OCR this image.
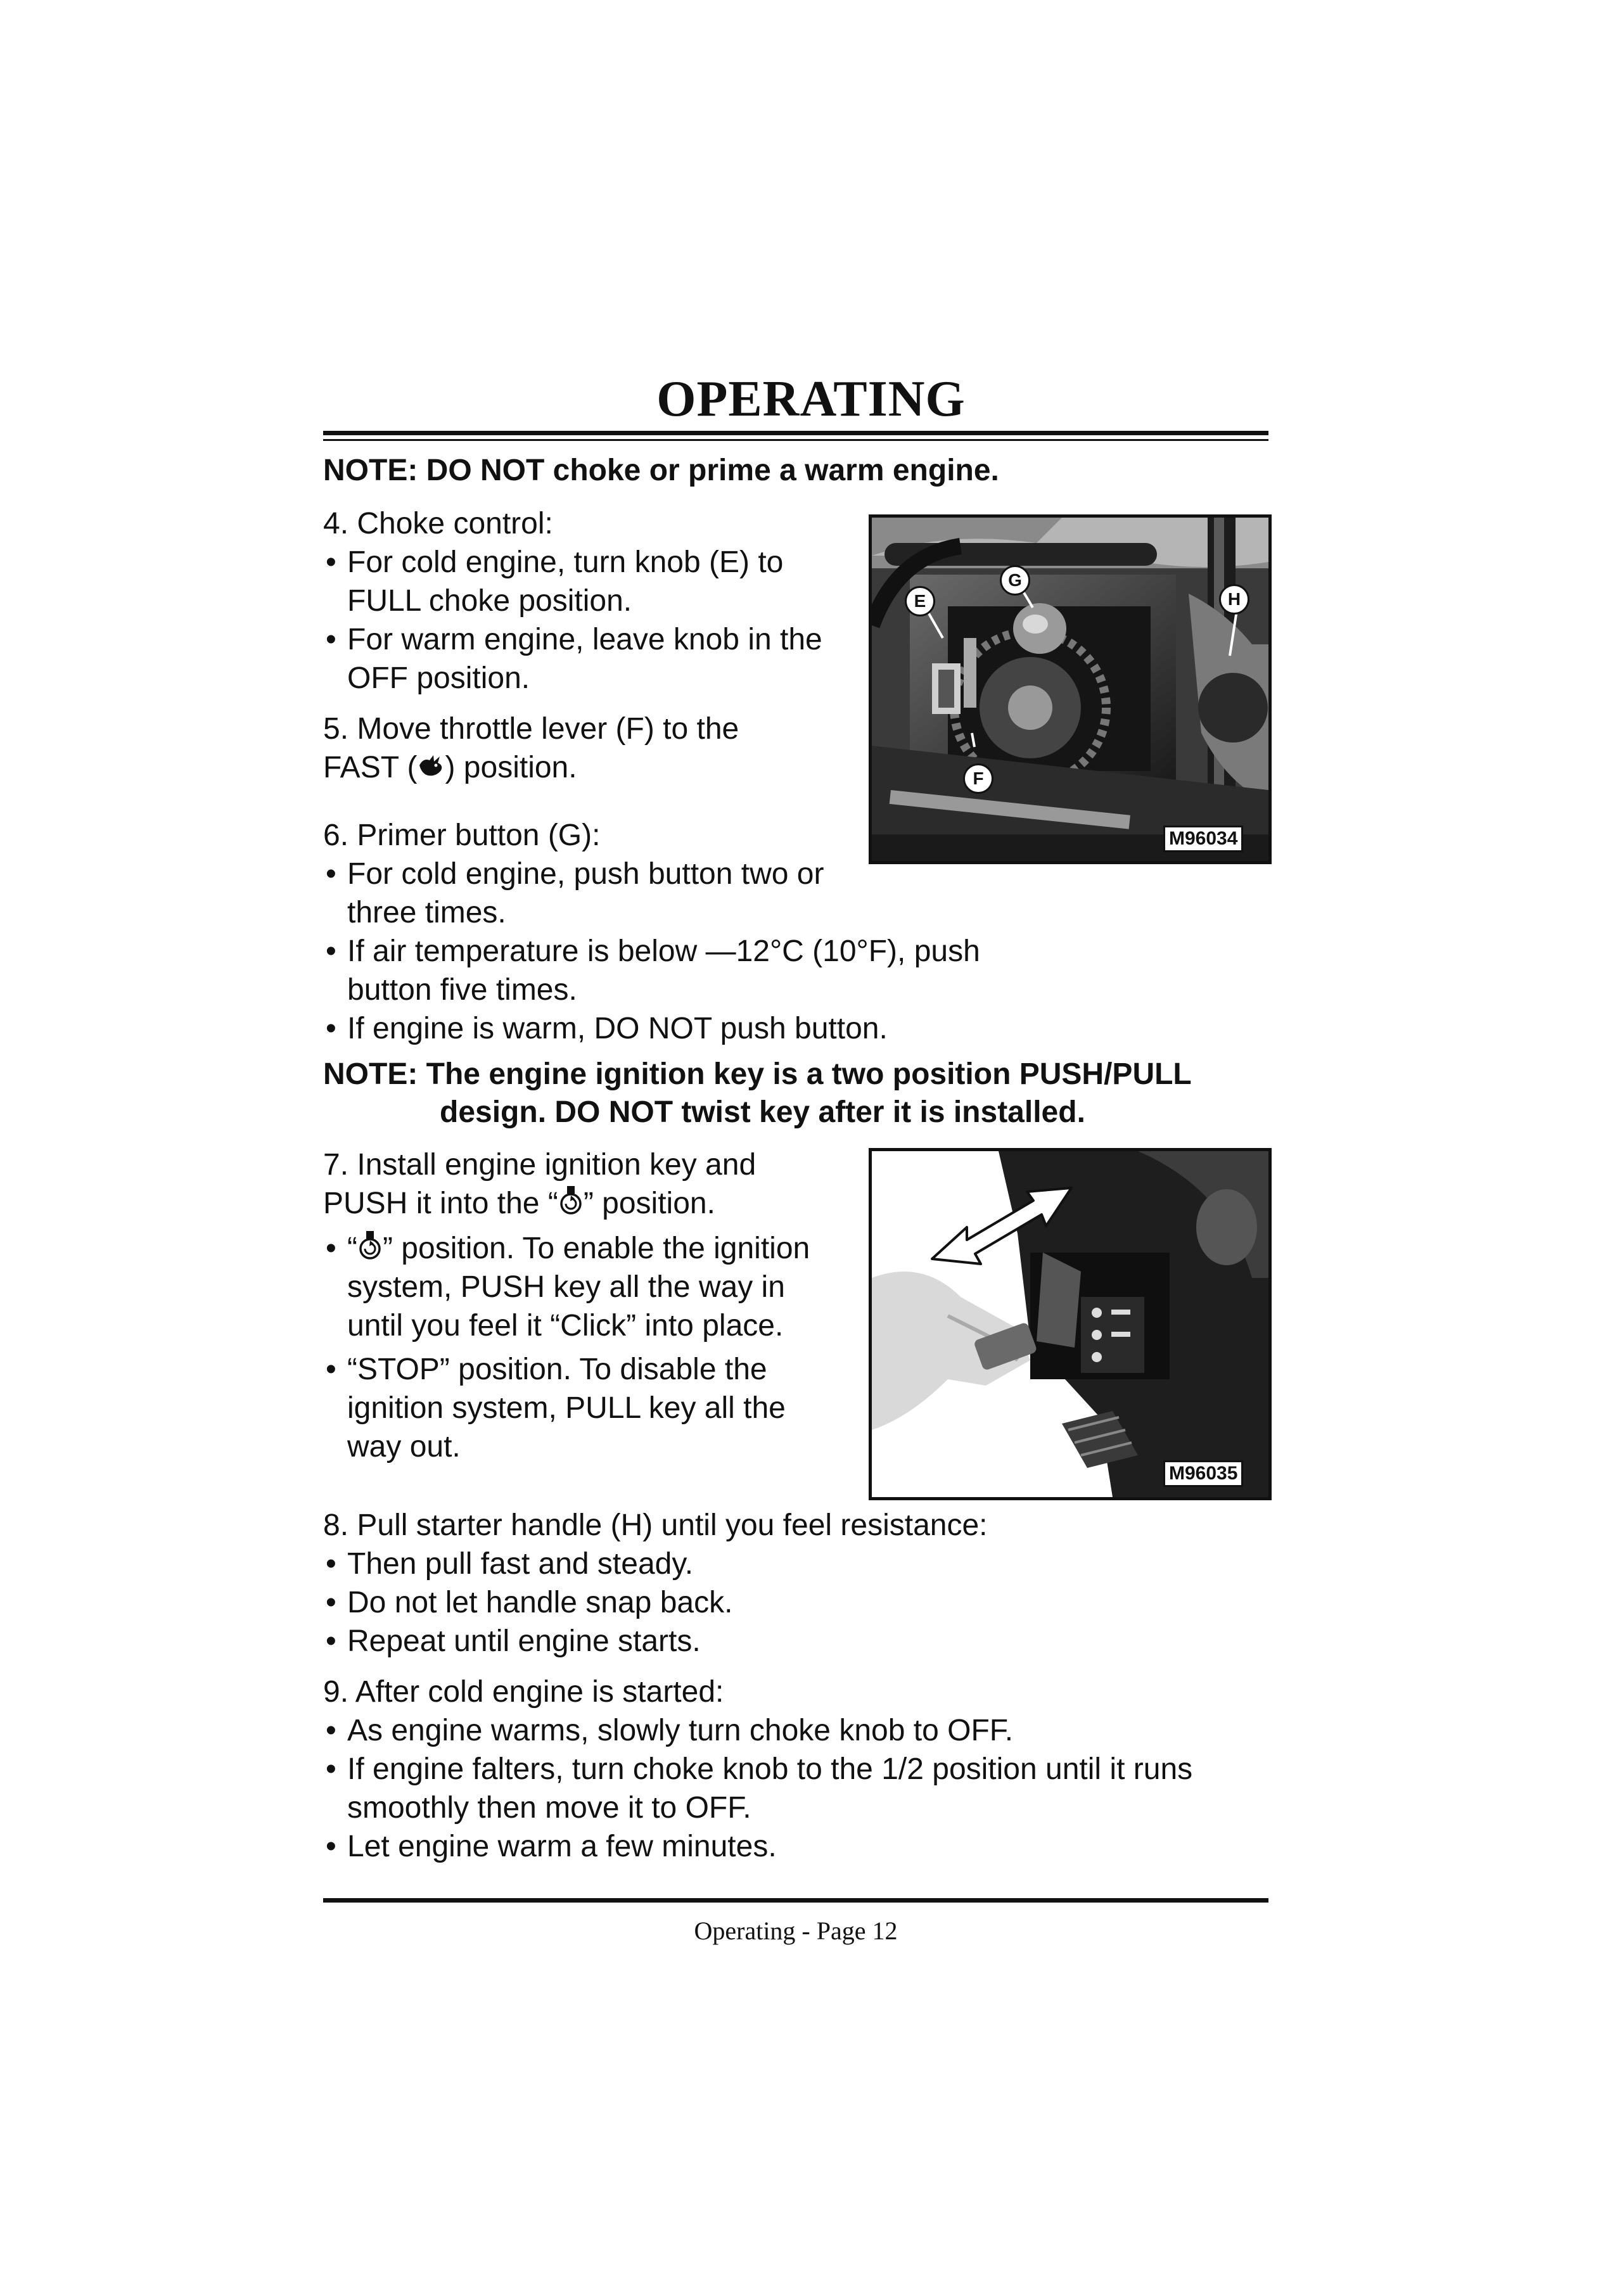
OPERATING
NOTE: DO NOT choke or prime a warm engine.
4. Choke control:
• For cold engine, turn knob (E) to
FULL choke position.
• For warm engine, leave knob in the
OFF position.
5. Move throttle lever (F) to the
FAST ( ) position.
6. Primer button (G):
• For cold engine, push button two or
three times.
• If air temperature is below —12°C (10°F), push
button five times.
• If engine is warm, DO NOT push button.
NOTE: The engine ignition key is a two position PUSH/PULL
design. DO NOT twist key after it is installed.
7. Install engine ignition key and
PUSH it into the “ ” position.
• “ ” position. To enable the ignition
system, PUSH key all the way in
until you feel it “Click” into place.
• “STOP” position. To disable the
ignition system, PULL key all the
way out.
8. Pull starter handle (H) until you feel resistance:
• Then pull fast and steady.
• Do not let handle snap back.
• Repeat until engine starts.
9. After cold engine is started:
• As engine warms, slowly turn choke knob to OFF.
• If engine falters, turn choke knob to the 1/2 position until it runs
smoothly then move it to OFF.
• Let engine warm a few minutes.
E
G
H
F
M96034
M96035
Operating - Page 12
